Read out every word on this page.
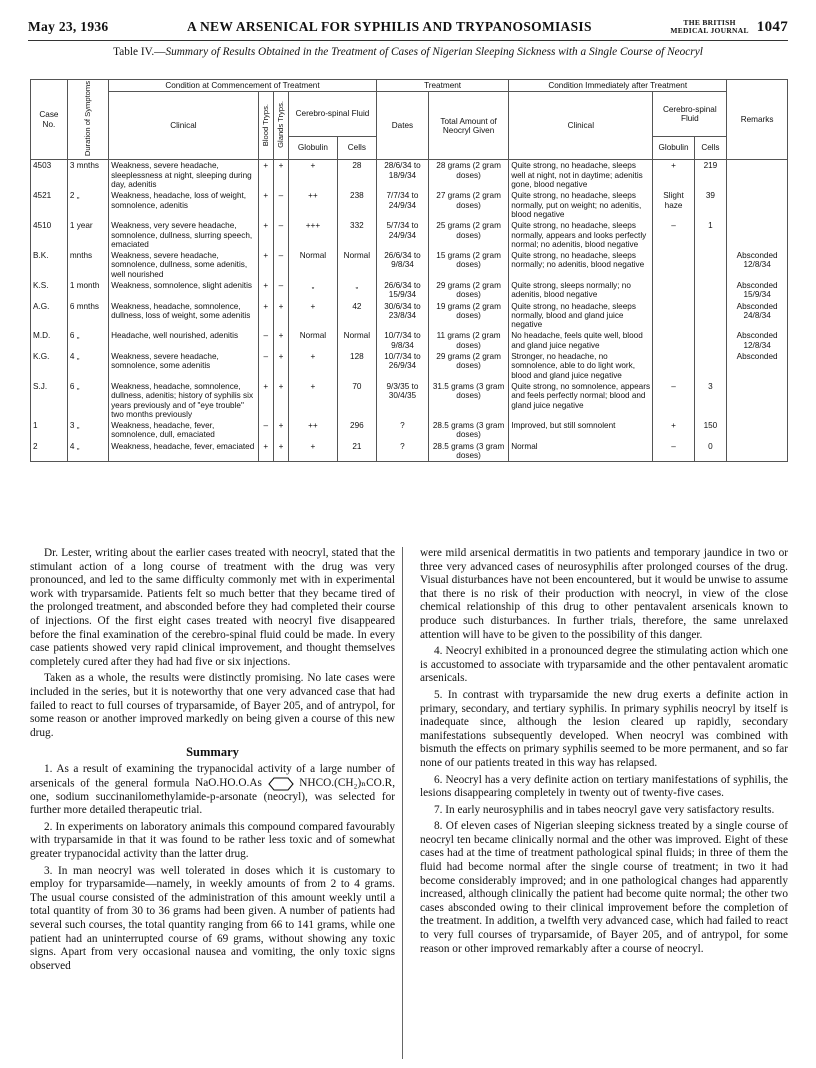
May 23, 1936	A NEW ARSENICAL FOR SYPHILIS AND TRYPANOSOMIASIS	THE BRITISH
MEDICAL JOURNAL 1047
Table IV.—Summary of Results Obtained in the Treatment of Cases of Nigerian Sleeping Sickness with a Single Course of Neocryl
Case No.	Duration of Symptoms	Condition at Commencement of Treatment					Treatment		Condition Immediately after Treatment			Remarks
		Clinical	Blood Tryps.	Glands Tryps.	Cerebro-spinal Fluid		Dates	Total Amount of Neocryl Given	Clinical	Cerebro-spinal Fluid		
					Globulin	Cells				Globulin	Cells	
4503	3 mnths	Weakness, severe headache, sleeplessness at night, sleeping during day, adenitis	+	+	+	28	28/6/34 to 18/9/34	28 grams (2 gram doses)	Quite strong, no headache, sleeps well at night, not in daytime; adenitis gone, blood negative	+	219	
4521	2 „	Weakness, headache, loss of weight, somnolence, adenitis	+	–	++	238	7/7/34 to 24/9/34	27 grams (2 gram doses)	Quite strong, no headache, sleeps normally, put on weight; no adenitis, blood negative	Slight haze	39	
4510	1 year	Weakness, very severe headache, somnolence, dullness, slurring speech, emaciated	+	–	+++	332	5/7/34 to 24/9/34	25 grams (2 gram doses)	Quite strong, no headache, sleeps normally, appears and looks perfectly normal; no adenitis, blood negative	–	1	
B.K.	mnths	Weakness, severe headache, somnolence, dullness, some adenitis, well nourished	+	–	Normal	Normal	26/6/34 to 9/8/34	15 grams (2 gram doses)	Quite strong, no headache, sleeps normally; no adenitis, blood negative			Absconded 12/8/34
K.S.	1 month	Weakness, somnolence, slight adenitis	+	–	„	„	26/6/34 to 15/9/34	29 grams (2 gram doses)	Quite strong, sleeps normally; no adenitis, blood negative			Absconded 15/9/34
A.G.	6 mnths	Weakness, headache, somnolence, dullness, loss of weight, some adenitis	+	+	+	42	30/6/34 to 23/8/34	19 grams (2 gram doses)	Quite strong, no headache, sleeps normally, blood and gland juice negative			Absconded 24/8/34
M.D.	6 „	Headache, well nourished, adenitis	–	+	Normal	Normal	10/7/34 to 9/8/34	11 grams (2 gram doses)	No headache, feels quite well, blood and gland juice negative			Absconded 12/8/34
K.G.	4 „	Weakness, severe headache, somnolence, some adenitis	–	+	+	128	10/7/34 to 26/9/34	29 grams (2 gram doses)	Stronger, no headache, no somnolence, able to do light work, blood and gland juice negative			Absconded
S.J.	6 „	Weakness, headache, somnolence, dullness, adenitis; history of syphilis six years previously and of "eye trouble" two months previously	+	+	+	70	9/3/35 to 30/4/35	31.5 grams (3 gram doses)	Quite strong, no somnolence, appears and feels perfectly normal; blood and gland juice negative	–	3	
1	3 „	Weakness, headache, fever, somnolence, dull, emaciated	–	+	++	296	?	28.5 grams (3 gram doses)	Improved, but still somnolent	+	150	
2	4 „	Weakness, headache, fever, emaciated	+	+	+	21	?	28.5 grams (3 gram doses)	Normal	–	0	

Dr. Lester, writing about the earlier cases treated with neocryl, stated that the stimulant action of a long course of treatment with the drug was very pronounced, and led to the same difficulty commonly met with in experimental work with tryparsamide. Patients felt so much better that they became tired of the prolonged treatment, and absconded before they had completed their course of injections. Of the first eight cases treated with neocryl five disappeared before the final examination of the cerebro-spinal fluid could be made. In every case patients showed very rapid clinical improvement, and thought themselves completely cured after they had had five or six injections.

Taken as a whole, the results were distinctly promising. No late cases were included in the series, but it is noteworthy that one very advanced case that had failed to react to full courses of tryparsamide, of Bayer 205, and of antrypol, for some reason or another improved markedly on being given a course of this new drug.

Summary

1. As a result of examining the trypanocidal activity of a large number of arsenicals of the general formula NaO.HO.O.As	NHCO.(CH₂)ₙCO.R, one, sodium succinanilomethylamide-p-arsonate (neocryl), was selected for further more detailed therapeutic trial.

2. In experiments on laboratory animals this compound compared favourably with tryparsamide in that it was found to be rather less toxic and of somewhat greater trypanocidal activity than the latter drug.

3. In man neocryl was well tolerated in doses which it is customary to employ for tryparsamide—namely, in weekly amounts of from 2 to 4 grams. The usual course consisted of the administration of this amount weekly until a total quantity of from 30 to 36 grams had been given. A number of patients had several such courses, the total quantity ranging from 66 to 141 grams, while one patient had an uninterrupted course of 69 grams, without showing any toxic signs. Apart from very occasional nausea and vomiting, the only toxic signs observed

were mild arsenical dermatitis in two patients and temporary jaundice in two or three very advanced cases of neurosyphilis after prolonged courses of the drug. Visual disturbances have not been encountered, but it would be unwise to assume that there is no risk of their production with neocryl, in view of the close chemical relationship of this drug to other pentavalent arsenicals known to produce such disturbances. In further trials, therefore, the same unrelaxed attention will have to be given to the possibility of this danger.

4. Neocryl exhibited in a pronounced degree the stimulating action which one is accustomed to associate with tryparsamide and the other pentavalent aromatic arsenicals.

5. In contrast with tryparsamide the new drug exerts a definite action in primary, secondary, and tertiary syphilis. In primary syphilis neocryl by itself is inadequate since, although the lesion cleared up rapidly, secondary manifestations subsequently developed. When neocryl was combined with bismuth the effects on primary syphilis seemed to be more permanent, and so far none of our patients treated in this way has relapsed.

6. Neocryl has a very definite action on tertiary manifestations of syphilis, the lesions disappearing completely in twenty out of twenty-five cases.

7. In early neurosyphilis and in tabes neocryl gave very satisfactory results.

8. Of eleven cases of Nigerian sleeping sickness treated by a single course of neocryl ten became clinically normal and the other was improved. Eight of these cases had at the time of treatment pathological spinal fluids; in three of them the fluid had become normal after the single course of treatment; in two it had become considerably improved; and in one pathological changes had apparently increased, although clinically the patient had become quite normal; the other two cases absconded owing to their clinical improvement before the completion of the treatment. In addition, a twelfth very advanced case, which had failed to react to very full courses of tryparsamide, of Bayer 205, and of antrypol, for some reason or other improved remarkably after a course of neocryl.
